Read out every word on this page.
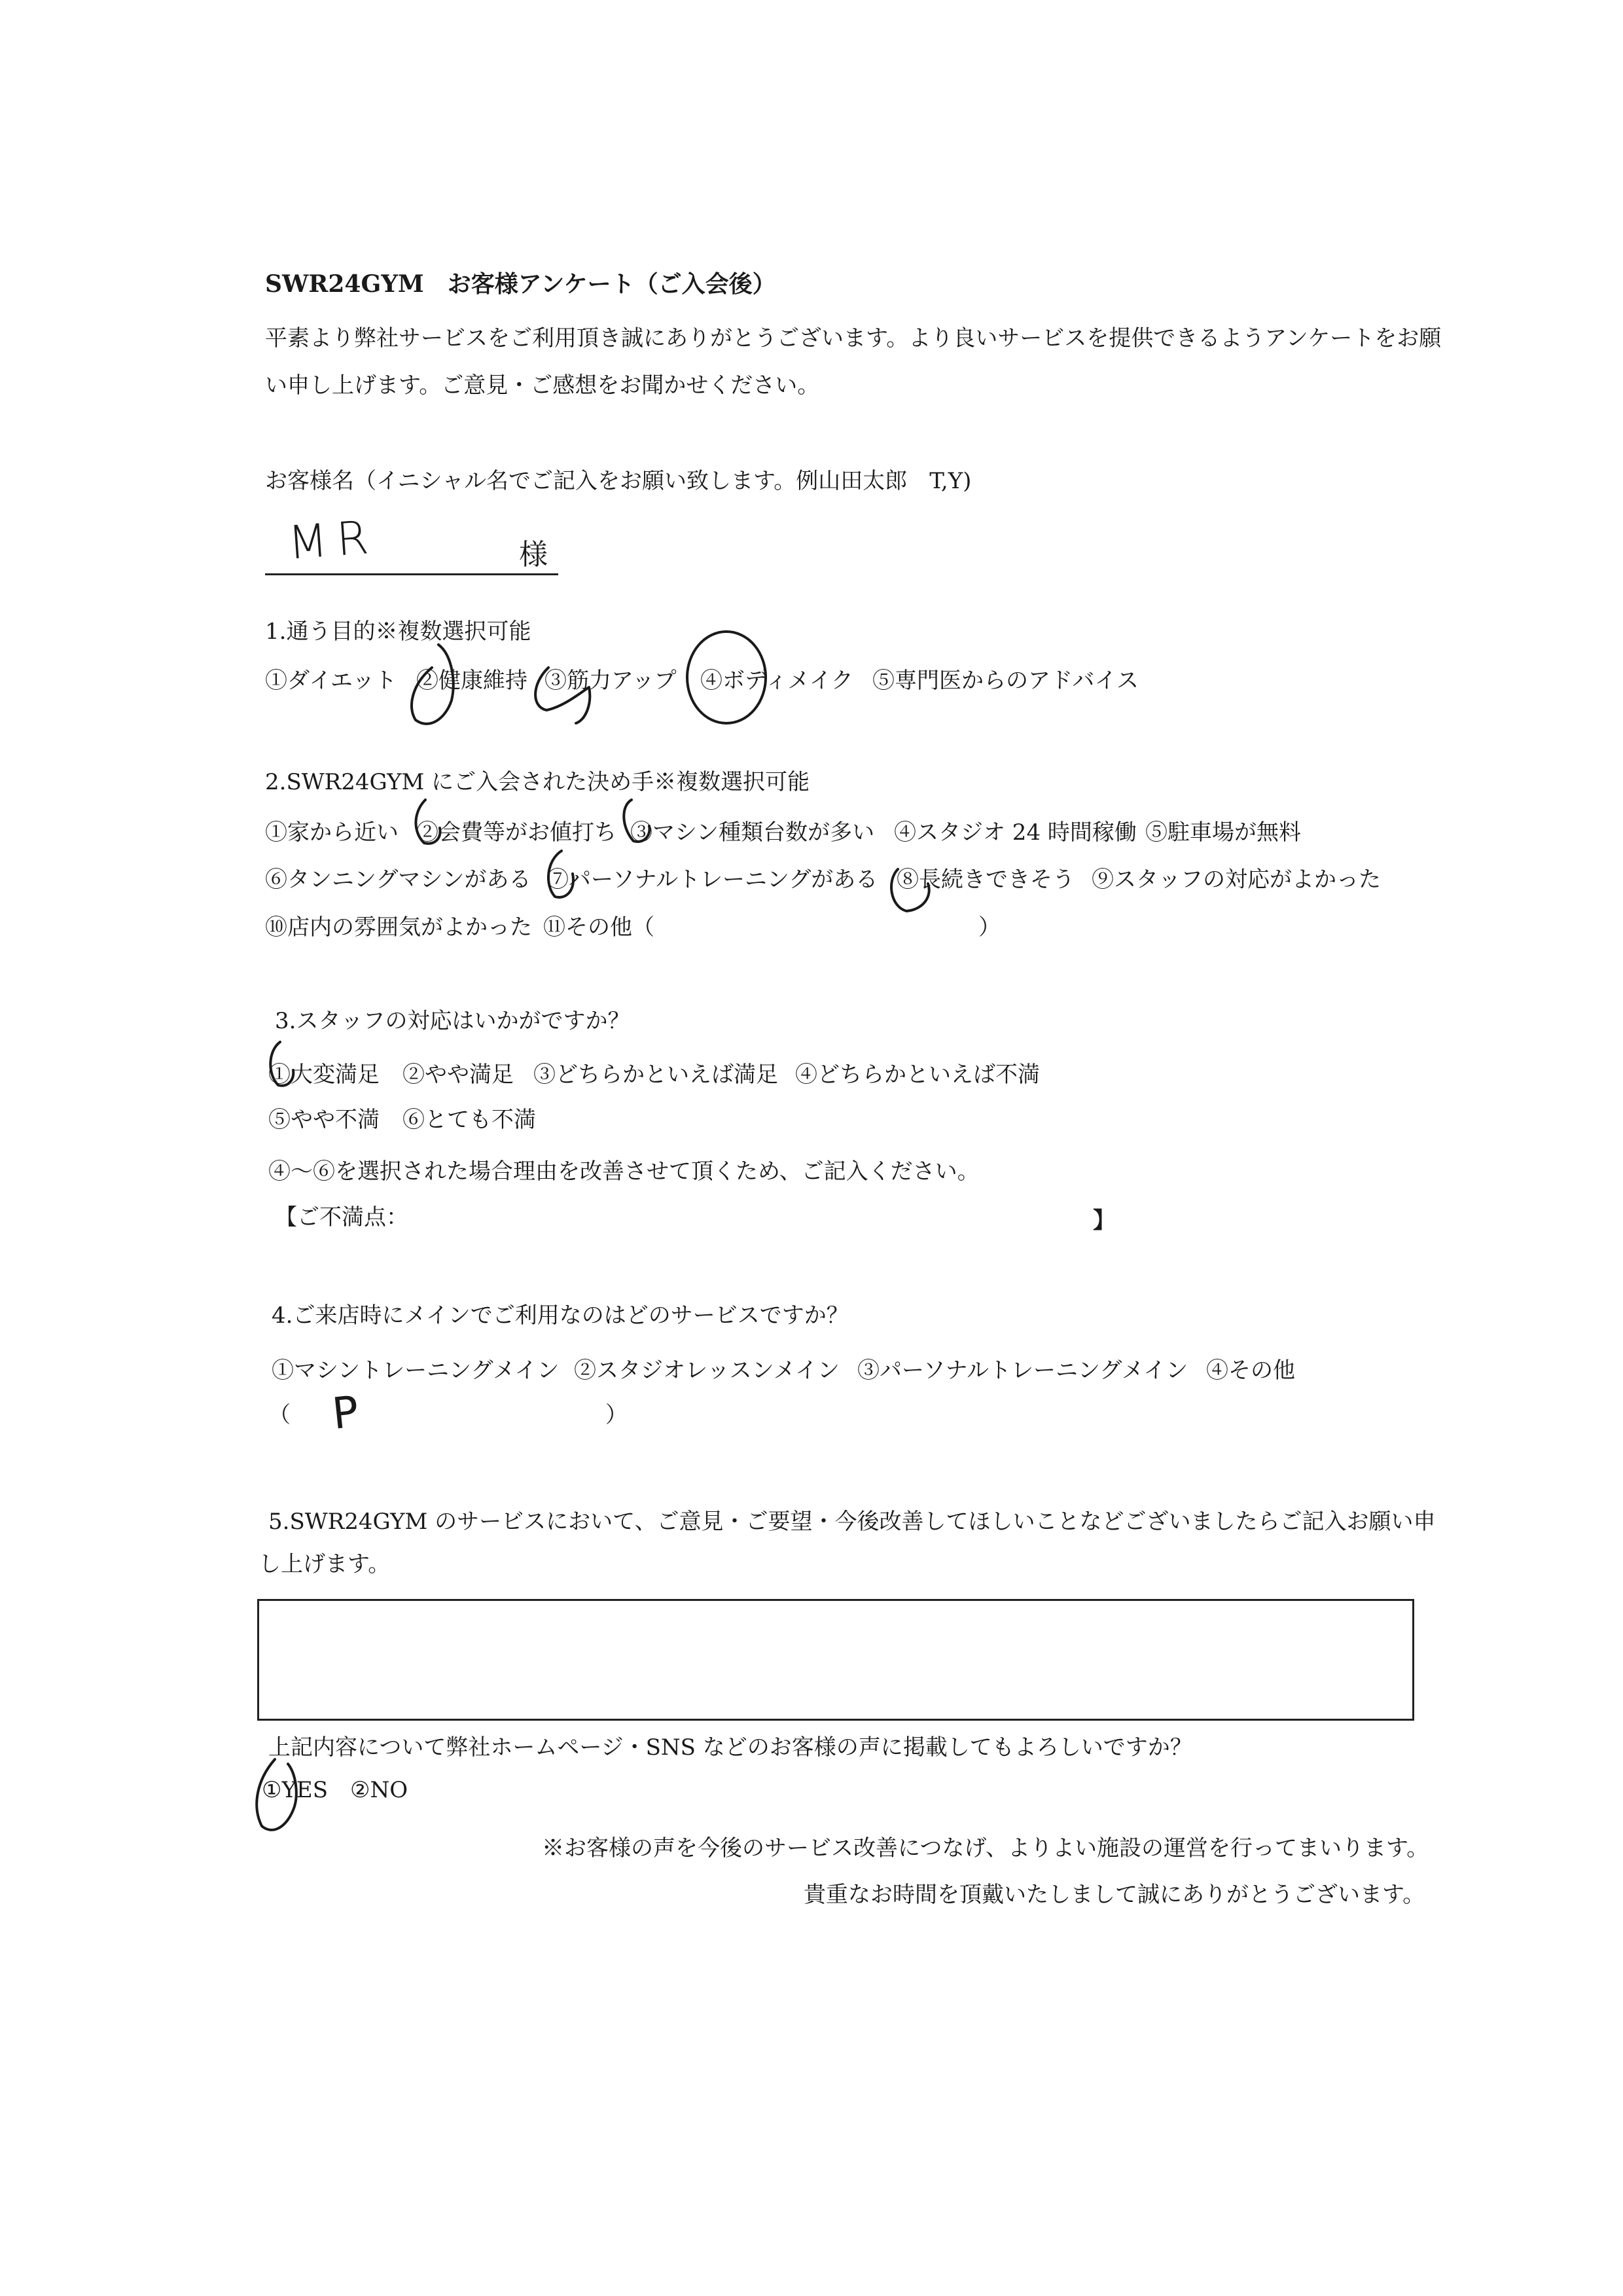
SWR24GYM　お客様アンケート（ご入会後）
平素より弊社サービスをご利用頂き誠にありがとうございます。より良いサービスを提供できるようアンケートをお願
い申し上げます。ご意見・ご感想をお聞かせください。
お客様名（イニシャル名でご記入をお願い致します。例山田太郎　T,Y)
MR	様
1.通う目的※複数選択可能
①ダイエット ②健康維持 ③筋力アップ ④ボディメイク ⑤専門医からのアドバイス
2.SWR24GYM にご入会された決め手※複数選択可能
①家から近い ②会費等がお値打ち ③マシン種類台数が多い ④スタジオ 24 時間稼働 ⑤駐車場が無料
⑥タンニングマシンがある ⑦パーソナルトレーニングがある ⑧長続きできそう ⑨スタッフの対応がよかった
⑩店内の雰囲気がよかった ⑪その他（	）
3.スタッフの対応はいかがですか？
①大変満足 ②やや満足 ③どちらかといえば満足 ④どちらかといえば不満
⑤やや不満 ⑥とても不満
④～⑥を選択された場合理由を改善させて頂くため、ご記入ください。
【ご不満点：	】
4.ご来店時にメインでご利用なのはどのサービスですか？
①マシントレーニングメイン ②スタジオレッスンメイン ③パーソナルトレーニングメイン ④その他
（ P	）
5.SWR24GYM のサービスにおいて、ご意見・ご要望・今後改善してほしいことなどございましたらご記入お願い申
し上げます。
上記内容について弊社ホームページ・SNS などのお客様の声に掲載してもよろしいですか？
①YES ②NO
※お客様の声を今後のサービス改善につなげ、よりよい施設の運営を行ってまいります。
貴重なお時間を頂戴いたしまして誠にありがとうございます。
